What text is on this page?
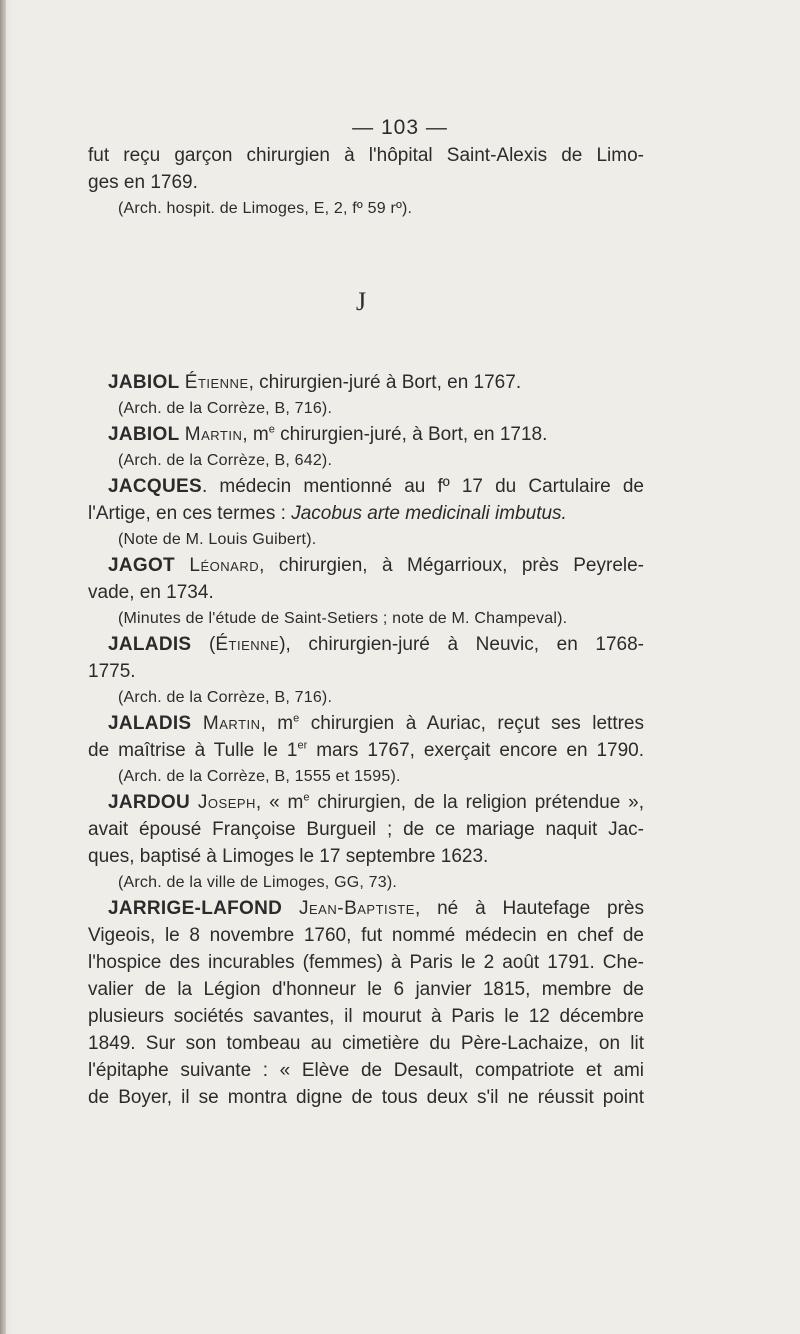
— 103 —
fut reçu garçon chirurgien à l'hôpital Saint-Alexis de Limo-
ges en 1769.
(Arch. hospit. de Limoges, E, 2, fº 59 rº).
J
JABIOL Étienne, chirurgien-juré à Bort, en 1767.
(Arch. de la Corrèze, B, 716).
JABIOL Martin, $m^e$ chirurgien-juré, à Bort, en 1718.
(Arch. de la Corrèze, B, 642).
JACQUES. médecin mentionné au fº 17 du Cartulaire de
l'Artige, en ces termes : Jacobus arte medicinali imbutus.
(Note de M. Louis Guibert).
JAGOT Léonard, chirurgien, à Mégarrioux, près Peyrele-
vade, en 1734.
(Minutes de l'étude de Saint-Setiers ; note de M. Champeval).
JALADIS (Étienne), chirurgien-juré à Neuvic, en 1768-
1775.
(Arch. de la Corrèze, B, 716).
JALADIS Martin, $m^e$ chirurgien à Auriac, reçut ses lettres
de maîtrise à Tulle le 1er mars 1767, exerçait encore en 1790.
(Arch. de la Corrèze, B, 1555 et 1595).
JARDOU Joseph, « $m^e$ chirurgien, de la religion prétendue »,
avait épousé Françoise Burgueil ; de ce mariage naquit Jac-
ques, baptisé à Limoges le 17 septembre 1623.
(Arch. de la ville de Limoges, GG, 73).
JARRIGE-LAFOND Jean-Baptiste, né à Hautefage près
Vigeois, le 8 novembre 1760, fut nommé médecin en chef de
l'hospice des incurables (femmes) à Paris le 2 août 1791. Che-
valier de la Légion d'honneur le 6 janvier 1815, membre de
plusieurs sociétés savantes, il mourut à Paris le 12 décembre
1849. Sur son tombeau au cimetière du Père-Lachaize, on lit
l'épitaphe suivante : « Elève de Desault, compatriote et ami
de Boyer, il se montra digne de tous deux s'il ne réussit point
